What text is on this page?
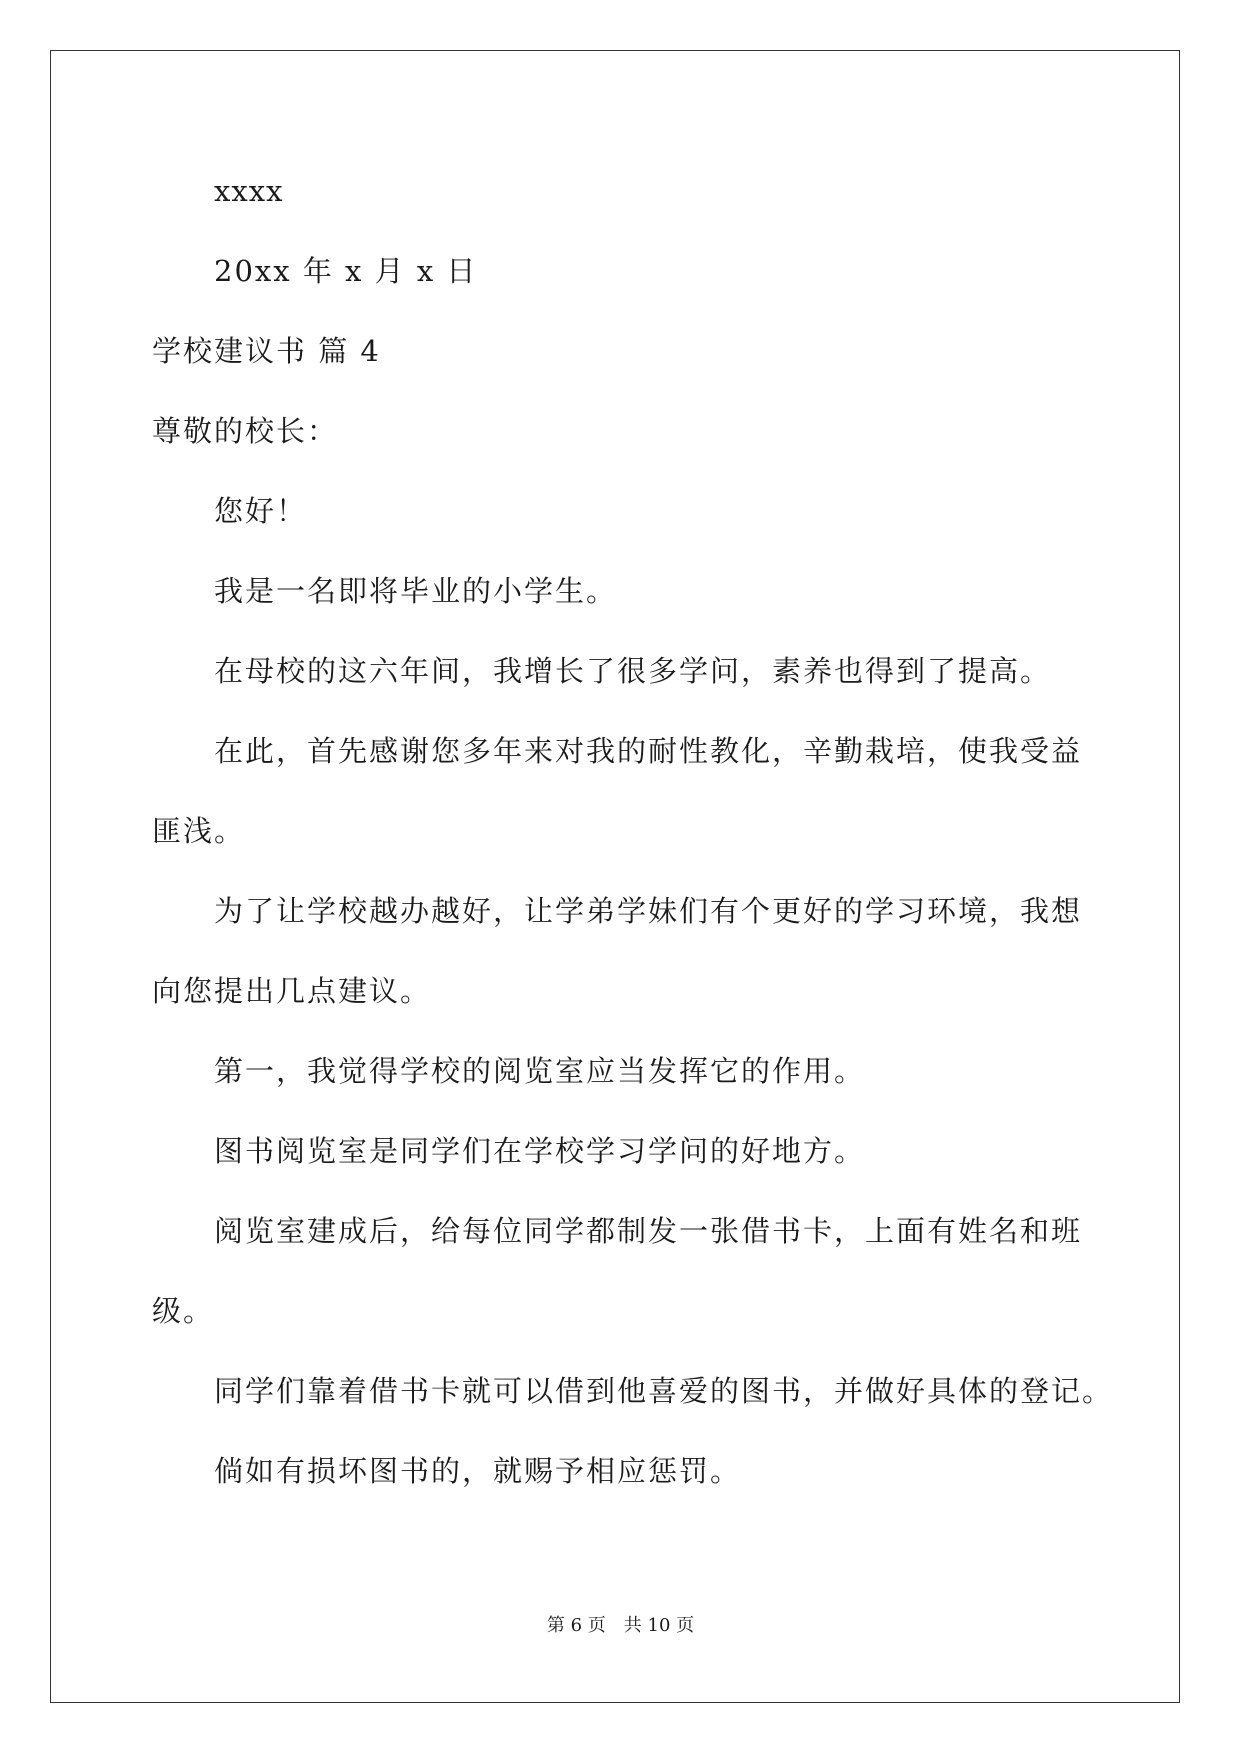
xxxx
20xx 年 x 月 x 日
学校建议书 篇 4
尊敬的校长：
您好！
我是一名即将毕业的小学生。
在母校的这六年间，我增长了很多学问，素养也得到了提高。
在此，首先感谢您多年来对我的耐性教化，辛勤栽培，使我受益
匪浅。
为了让学校越办越好，让学弟学妹们有个更好的学习环境，我想
向您提出几点建议。
第一，我觉得学校的阅览室应当发挥它的作用。
图书阅览室是同学们在学校学习学问的好地方。
阅览室建成后，给每位同学都制发一张借书卡，上面有姓名和班
级。
同学们靠着借书卡就可以借到他喜爱的图书，并做好具体的登记。
倘如有损坏图书的，就赐予相应惩罚。
第 6 页 共 10 页
